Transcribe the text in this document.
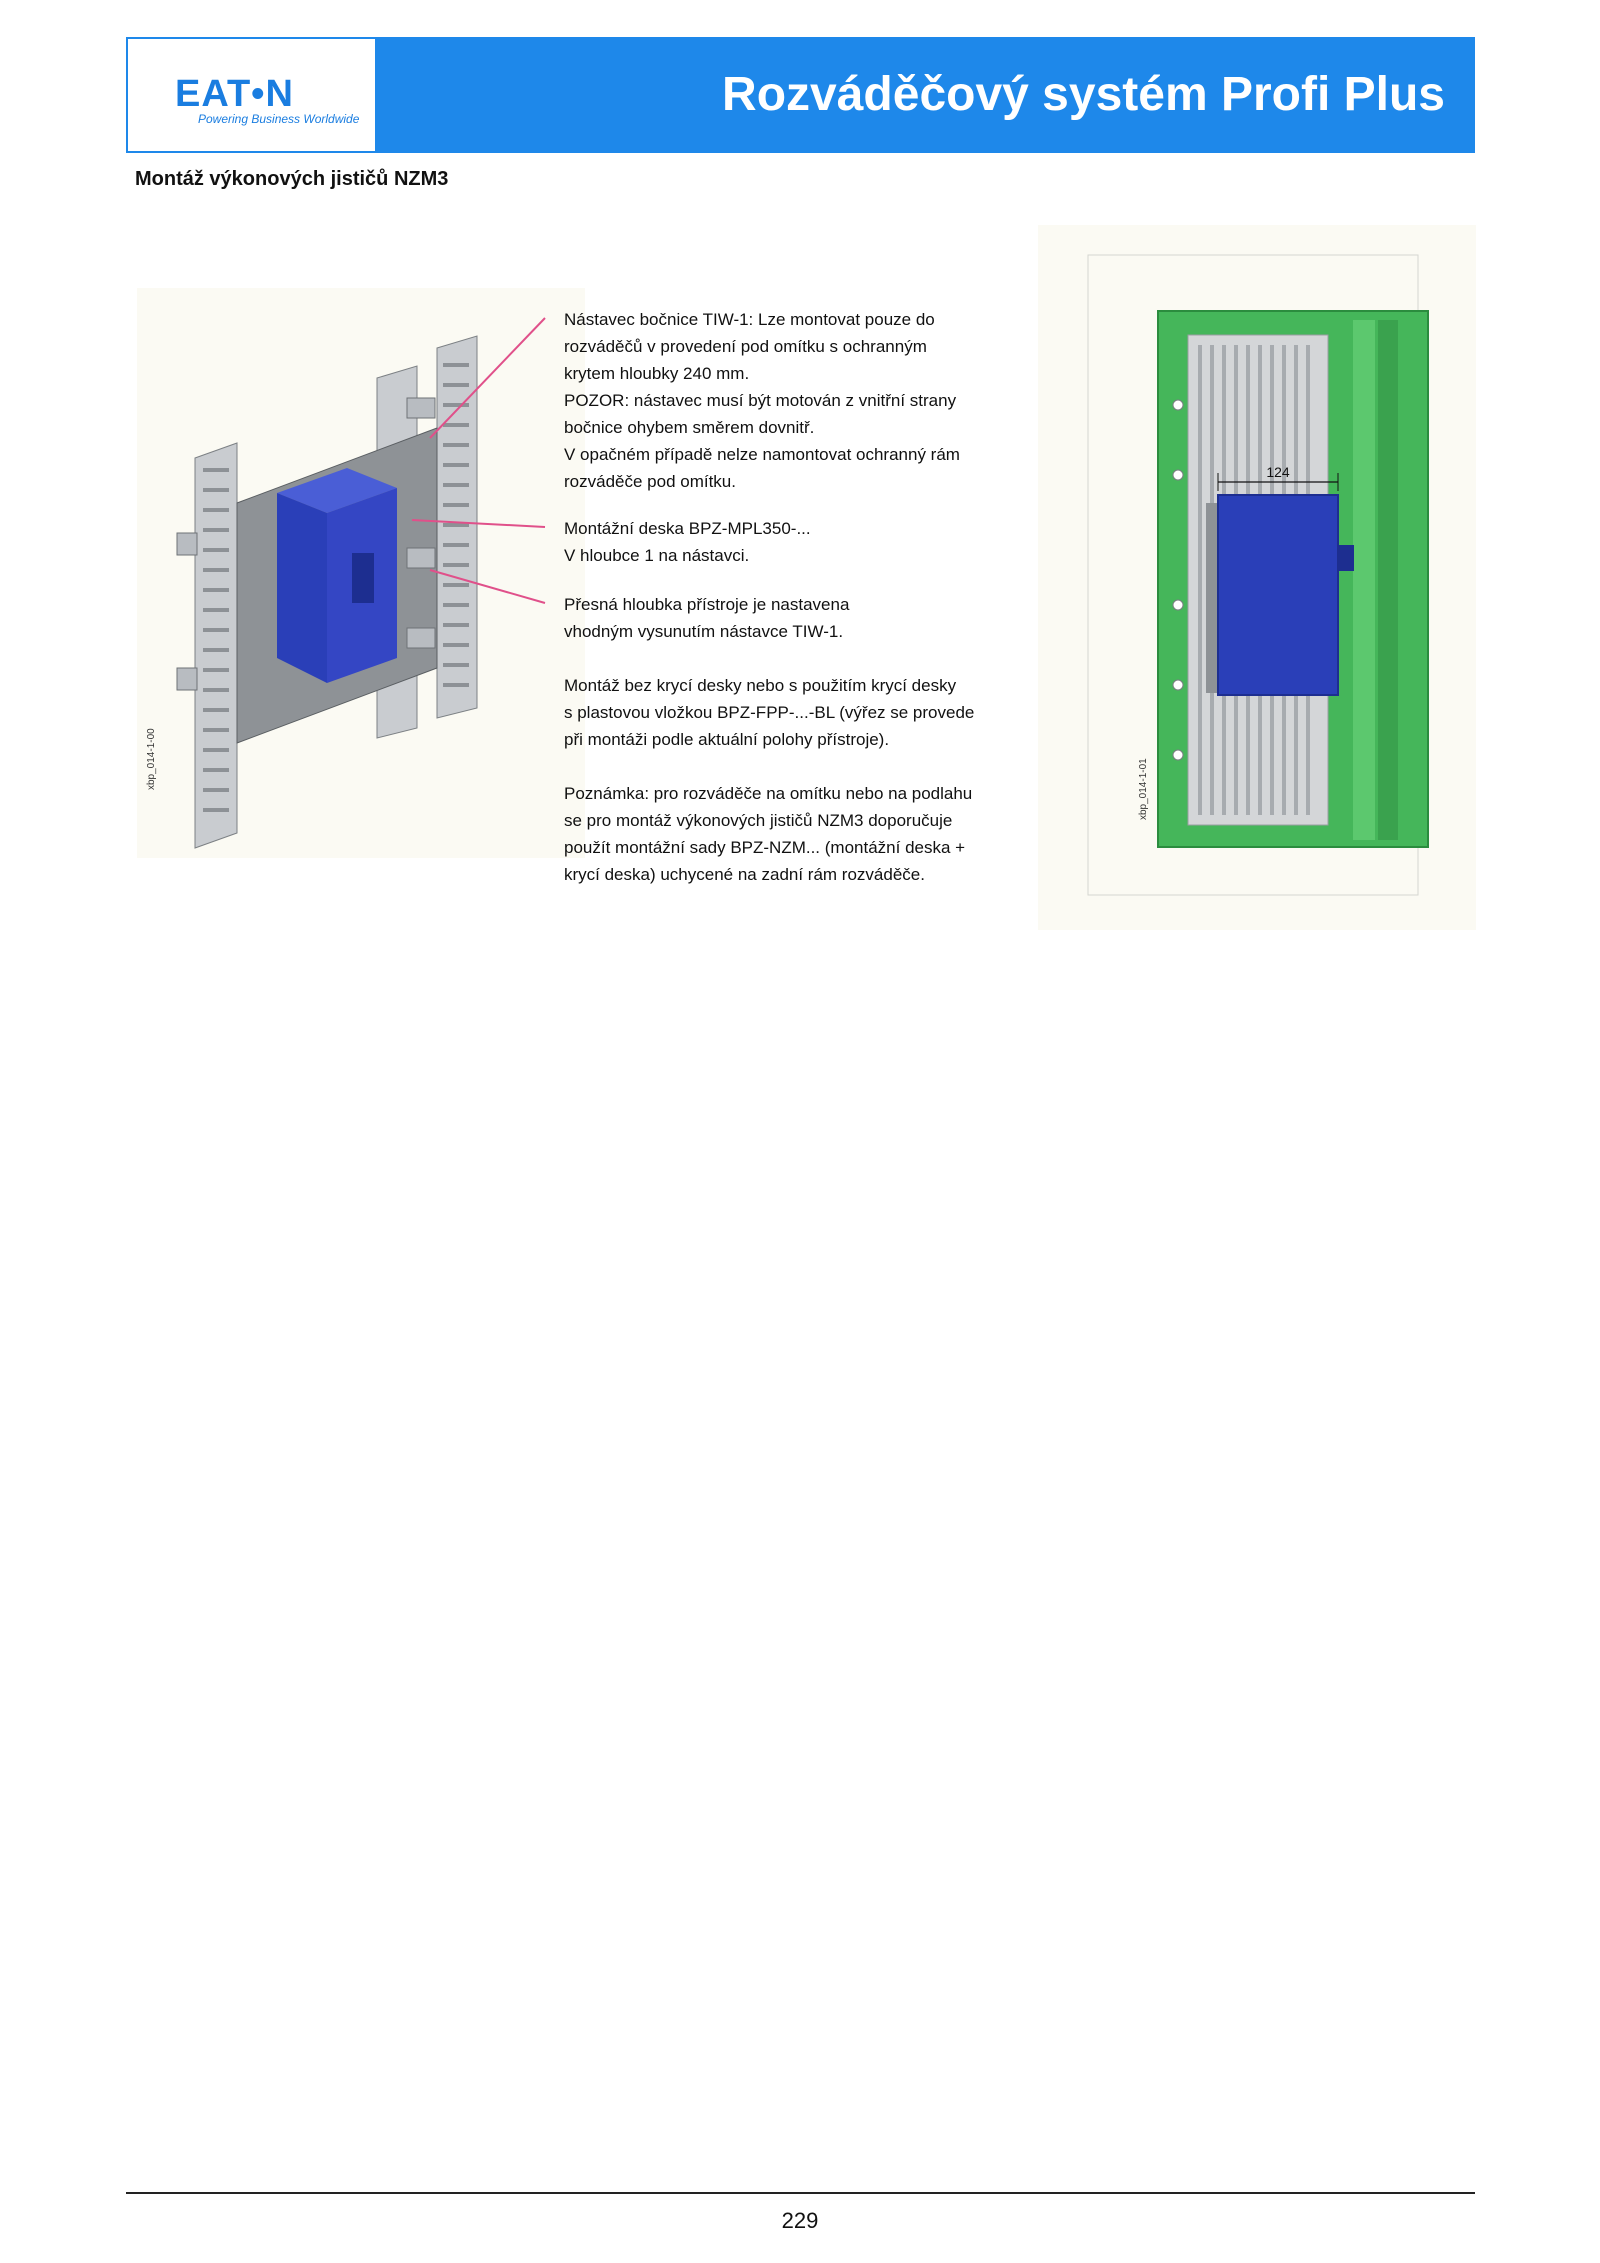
EAT•N
Powering Business Worldwide	Rozváděčový systém Profi Plus
Montáž výkonových jističů NZM3
124
xbp_014-1-00	xbp_014-1-01

Nástavec bočnice TIW-1: Lze montovat pouze do
rozváděčů v provedení pod omítku s ochranným
krytem hloubky 240 mm.
POZOR: nástavec musí být motován z vnitřní strany
bočnice ohybem směrem dovnitř.
V opačném případě nelze namontovat ochranný rám
rozváděče pod omítku.

Montážní deska BPZ-MPL350-...
V hloubce 1 na nástavci.

Přesná hloubka přístroje je nastavena
vhodným vysunutím nástavce TIW-1.

Montáž bez krycí desky nebo s použitím krycí desky
s plastovou vložkou BPZ-FPP-...-BL (výřez se provede
při montáži podle aktuální polohy přístroje).

Poznámka: pro rozváděče na omítku nebo na podlahu
se pro montáž výkonových jističů NZM3 doporučuje
použít montážní sady BPZ-NZM... (montážní deska +
krycí deska) uchycené na zadní rám rozváděče.

229
